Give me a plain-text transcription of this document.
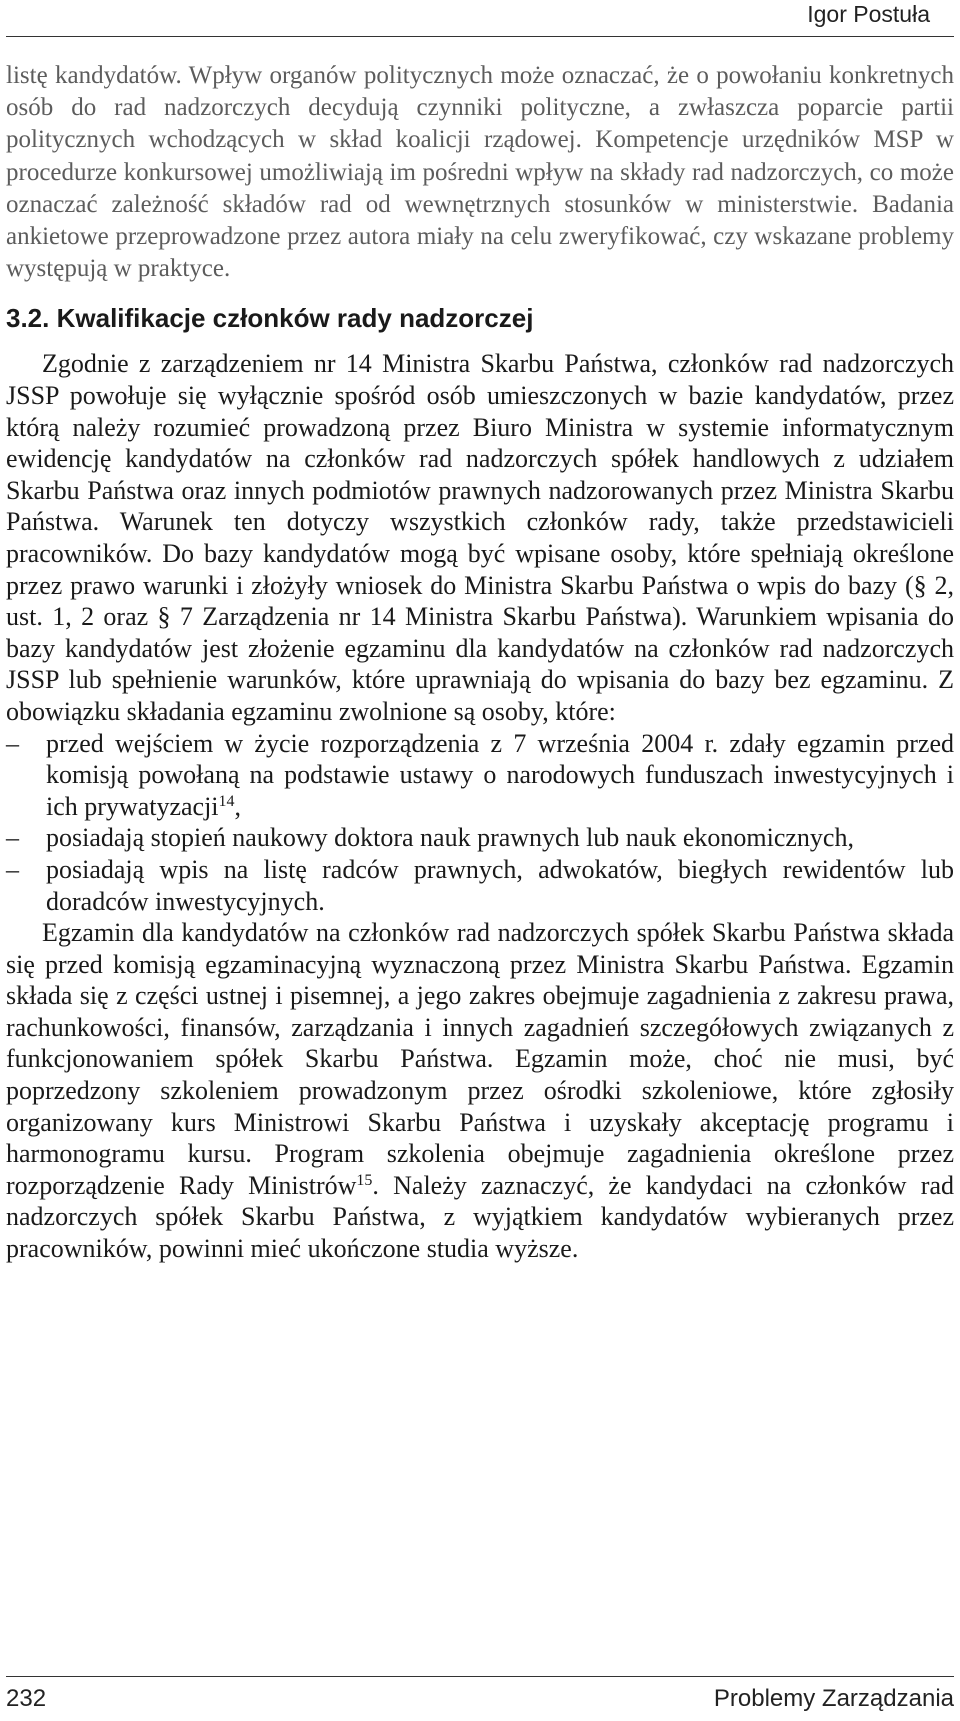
Igor Postuła

listę kandydatów. Wpływ organów politycznych może oznaczać, że o powołaniu konkretnych osób do rad nadzorczych decydują czynniki polityczne, a zwłaszcza poparcie partii politycznych wchodzących w skład koalicji rządowej. Kompetencje urzędników MSP w procedurze konkursowej umożliwiają im pośredni wpływ na składy rad nadzorczych, co może oznaczać zależność składów rad od wewnętrznych stosunków w ministerstwie. Badania ankietowe przeprowadzone przez autora miały na celu zweryfikować, czy wskazane problemy występują w praktyce.

3.2. Kwalifikacje członków rady nadzorczej

Zgodnie z zarządzeniem nr 14 Ministra Skarbu Państwa, członków rad nadzorczych JSSP powołuje się wyłącznie spośród osób umieszczonych w bazie kandydatów, przez którą należy rozumieć prowadzoną przez Biuro Ministra w systemie informatycznym ewidencję kandydatów na członków rad nadzorczych spółek handlowych z udziałem Skarbu Państwa oraz innych podmiotów prawnych nadzorowanych przez Ministra Skarbu Państwa. Warunek ten dotyczy wszystkich członków rady, także przedstawicieli pracowników. Do bazy kandydatów mogą być wpisane osoby, które spełniają określone przez prawo warunki i złożyły wniosek do Ministra Skarbu Państwa o wpis do bazy (§ 2, ust. 1, 2 oraz § 7 Zarządzenia nr 14 Ministra Skarbu Państwa). Warunkiem wpisania do bazy kandydatów jest złożenie egzaminu dla kandydatów na członków rad nadzorczych JSSP lub spełnienie warunków, które uprawniają do wpisania do bazy bez egzaminu. Z obowiązku składania egzaminu zwolnione są osoby, które:

– przed wejściem w życie rozporządzenia z 7 września 2004 r. zdały egzamin przed komisją powołaną na podstawie ustawy o narodowych funduszach inwestycyjnych i ich prywatyzacji$^{14}$,
– posiadają stopień naukowy doktora nauk prawnych lub nauk ekonomicznych,
– posiadają wpis na listę radców prawnych, adwokatów, biegłych rewidentów lub doradców inwestycyjnych.

Egzamin dla kandydatów na członków rad nadzorczych spółek Skarbu Państwa składa się przed komisją egzaminacyjną wyznaczoną przez Ministra Skarbu Państwa. Egzamin składa się z części ustnej i pisemnej, a jego zakres obejmuje zagadnienia z zakresu prawa, rachunkowości, finansów, zarządzania i innych zagadnień szczegółowych związanych z funkcjonowaniem spółek Skarbu Państwa. Egzamin może, choć nie musi, być poprzedzony szkoleniem prowadzonym przez ośrodki szkoleniowe, które zgłosiły organizowany kurs Ministrowi Skarbu Państwa i uzyskały akceptację programu i harmonogramu kursu. Program szkolenia obejmuje zagadnienia określone przez rozporządzenie Rady Ministrów$^{15}$. Należy zaznaczyć, że kandydaci na członków rad nadzorczych spółek Skarbu Państwa, z wyjątkiem kandydatów wybieranych przez pracowników, powinni mieć ukończone studia wyższe.

232	Problemy Zarządzania
